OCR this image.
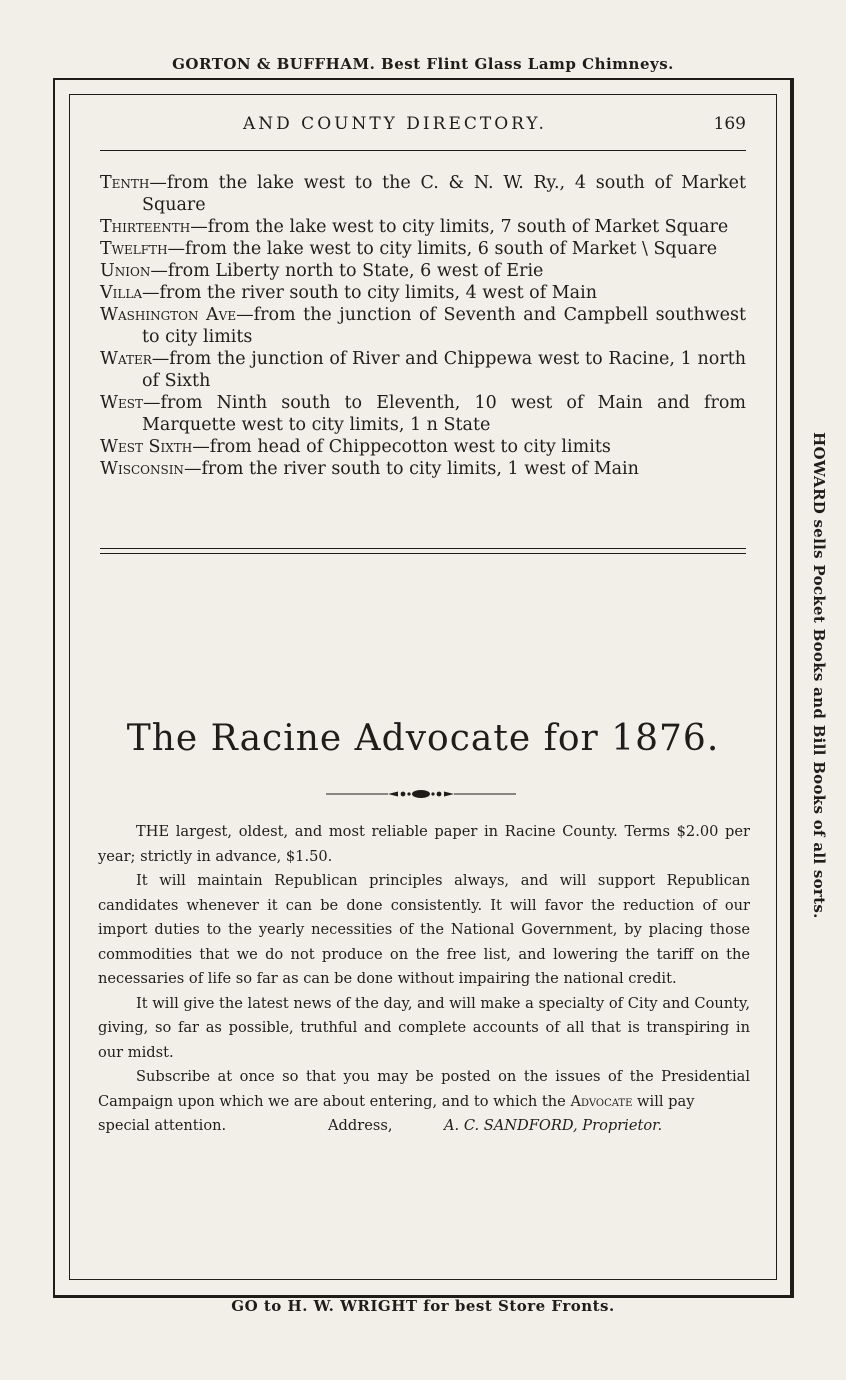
GORTON & BUFFHAM. Best Flint Glass Lamp Chimneys.
HOWARD sells Pocket Books and Bill Books of all sorts.
AND COUNTY DIRECTORY.	169
Tenth—from the lake west to the C. & N. W. Ry., 4 south of Market Square
Thirteenth—from the lake west to city limits, 7 south of Market Square
Twelfth—from the lake west to city limits, 6 south of Market \ Square
Union—from Liberty north to State, 6 west of Erie
Villa—from the river south to city limits, 4 west of Main
Washington Ave—from the junction of Seventh and Campbell southwest to city limits
Water—from the junction of River and Chippewa west to Racine, 1 north of Sixth
West—from Ninth south to Eleventh, 10 west of Main and from Marquette west to city limits, 1 n State
West Sixth—from head of Chippecotton west to city limits
Wisconsin—from the river south to city limits, 1 west of Main
The Racine Advocate for 1876.

THE largest, oldest, and most reliable paper in Racine County. Terms $2.00 per year; strictly in advance, $1.50.

It will maintain Republican principles always, and will support Republican candidates whenever it can be done consistently. It will favor the reduction of our import duties to the yearly necessities of the National Government, by placing those commodities that we do not produce on the free list, and lowering the tariff on the necessaries of life so far as can be done without impairing the national credit.

It will give the latest news of the day, and will make a specialty of City and County, giving, so far as possible, truthful and complete accounts of all that is transpiring in our midst.

Subscribe at once so that you may be posted on the issues of the Presidential Campaign upon which we are about entering, and to which the Advocate will pay

special attention.	Address,	A. C. SANDFORD, Proprietor.
GO to H. W. WRIGHT for best Store Fronts.
